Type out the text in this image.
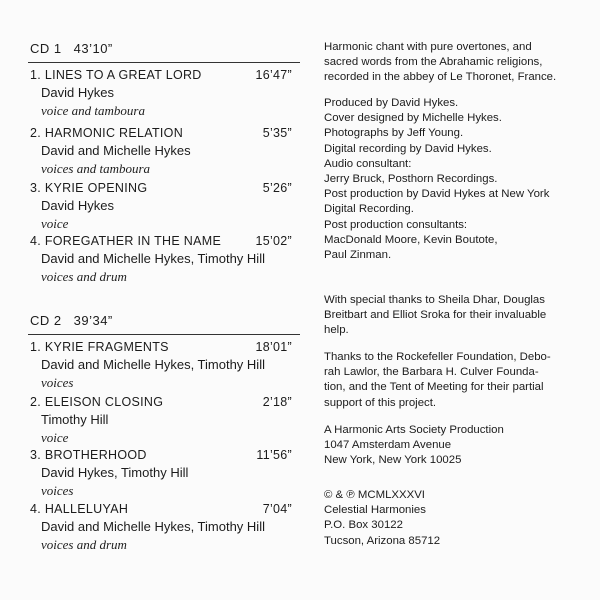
CD 1 43’10”
1. LINES TO A GREAT LORD	16’47”
David Hykes
voice and tamboura
2. HARMONIC RELATION	5’35”
David and Michelle Hykes
voices and tamboura
3. KYRIE OPENING	5’26”
David Hykes
voice
4. FOREGATHER IN THE NAME	15’02”
David and Michelle Hykes, Timothy Hill
voices and drum
CD 2 39’34”
1. KYRIE FRAGMENTS	18’01”
David and Michelle Hykes, Timothy Hill
voices
2. ELEISON CLOSING	2’18”
Timothy Hill
voice
3. BROTHERHOOD	11’56”
David Hykes, Timothy Hill
voices
4. HALLELUYAH	7’04”
David and Michelle Hykes, Timothy Hill
voices and drum
Harmonic chant with pure overtones, and
sacred words from the Abrahamic religions,
recorded in the abbey of Le Thoronet, France.
Produced by David Hykes.
Cover designed by Michelle Hykes.
Photographs by Jeff Young.
Digital recording by David Hykes.
Audio consultant:
Jerry Bruck, Posthorn Recordings.
Post production by David Hykes at New York
Digital Recording.
Post production consultants:
MacDonald Moore, Kevin Boutote,
Paul Zinman.
With special thanks to Sheila Dhar, Douglas
Breitbart and Elliot Sroka for their invaluable
help.
Thanks to the Rockefeller Foundation, Debo-
rah Lawlor, the Barbara H. Culver Founda-
tion, and the Tent of Meeting for their partial
support of this project.
A Harmonic Arts Society Production
1047 Amsterdam Avenue
New York, New York 10025
© & ℗ MCMLXXXVI
Celestial Harmonies
P.O. Box 30122
Tucson, Arizona 85712
